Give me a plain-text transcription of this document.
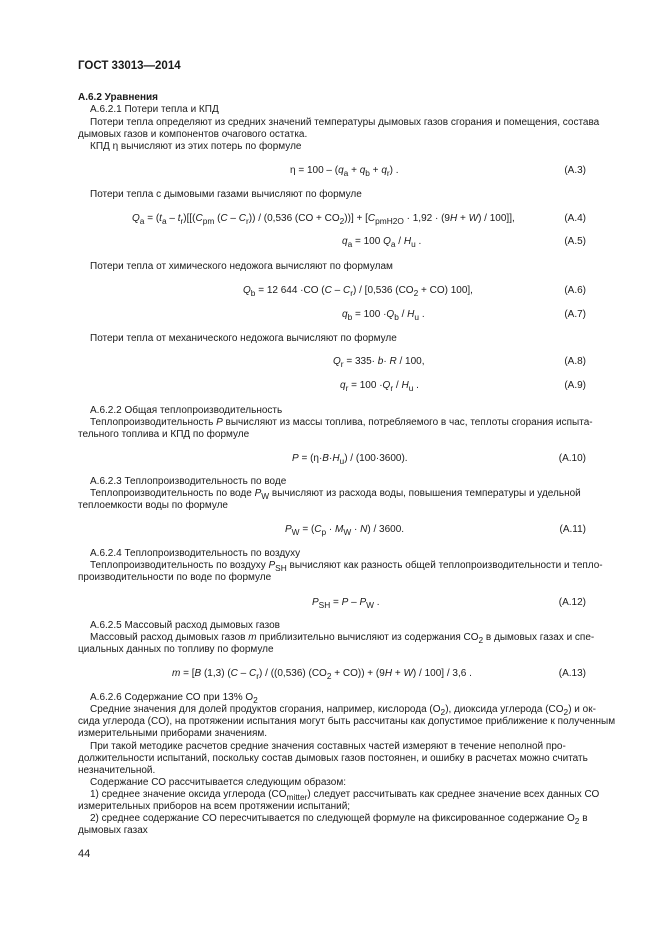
ГОСТ 33013—2014
А.6.2 Уравнения
А.6.2.1 Потери тепла и КПД
Потери тепла определяют из средних значений температуры дымовых газов сгорания и помещения, состава
дымовых газов и компонентов очагового остатка.
КПД η вычисляют из этих потерь по формуле
$\eta = 100 - (q_a + q_b + q_r)$ .	(А.3)
Потери тепла с дымовыми газами вычисляют по формуле
$Q_a = (t_a - t_r)[[(C_{pm}$ $(C - C_r)) / (0,536$ $(CO + CO_2))] + [C_{pmH2O} \cdot 1,92 \cdot (9H + W) / 100]$],	(А.4)
$q_a = 100$ $Q_a / H_u$ .	(А.5)
Потери тепла от химического недожога вычисляют по формулам
$Q_b = 12$ 644 ·CO $(C - C_r) / [0,536$ $(CO_2 + CO)$ 100],	(А.6)
$q_b = 100 \cdot Q_b / H_u$ .	(А.7)
Потери тепла от механического недожога вычисляют по формуле
$Q_r = 335\cdot b\cdot R / 100$,	(А.8)
$q_r = 100 \cdot Q_r / H_u$ .	(А.9)
А.6.2.2 Общая теплопроизводительность
Теплопроизводительность P вычисляют из массы топлива, потребляемого в час, теплоты сгорания испыта-
тельного топлива и КПД по формуле
$P = (\eta\cdot B\cdot H_u) / (100\cdot 3600)$.	(А.10)
А.6.2.3 Теплопроизводительность по воде
Теплопроизводительность по воде $P_W$ вычисляют из расхода воды, повышения температуры и удельной
теплоемкости воды по формуле
$P_W = (C_p \cdot M_W \cdot N) / 3600$.	(А.11)
А.6.2.4 Теплопроизводительность по воздуху
Теплопроизводительность по воздуху $P_{SH}$ вычисляют как разность общей теплопроизводительности и тепло-
производительности по воде по формуле
$P_{SH} = P - P_W$ .	(А.12)
А.6.2.5 Массовый расход дымовых газов
Массовый расход дымовых газов m приблизительно вычисляют из содержания $CO_2$ в дымовых газах и спе-
циальных данных по топливу по формуле
m = [B (1,3) $(C - C_r) / ((0,536) (CO_2 + CO)) + (9H + W) / 100] / 3,6$ .	(А.13)
А.6.2.6 Содержание СО при 13% $O_2$
Средние значения для долей продуктов сгорания, например, кислорода $(O_2)$, диоксида углерода $(CO_2)$ и ок-
сида углерода (CO), на протяжении испытания могут быть рассчитаны как допустимое приближение к полученным
измерительными приборами значениям.
При такой методике расчетов средние значения составных частей измеряют в течение неполной про-
должительности испытаний, поскольку состав дымовых газов постоянен, и ошибку в расчетах можно считать
незначительной.
Содержание СО рассчитывается следующим образом:
1) среднее значение оксида углерода $(CO_{mitter})$ следует рассчитывать как среднее значение всех данных СО
измерительных приборов на всем протяжении испытаний;
2) среднее содержание СО пересчитывается по следующей формуле на фиксированное содержание $O_2$ в
дымовых газах
44
